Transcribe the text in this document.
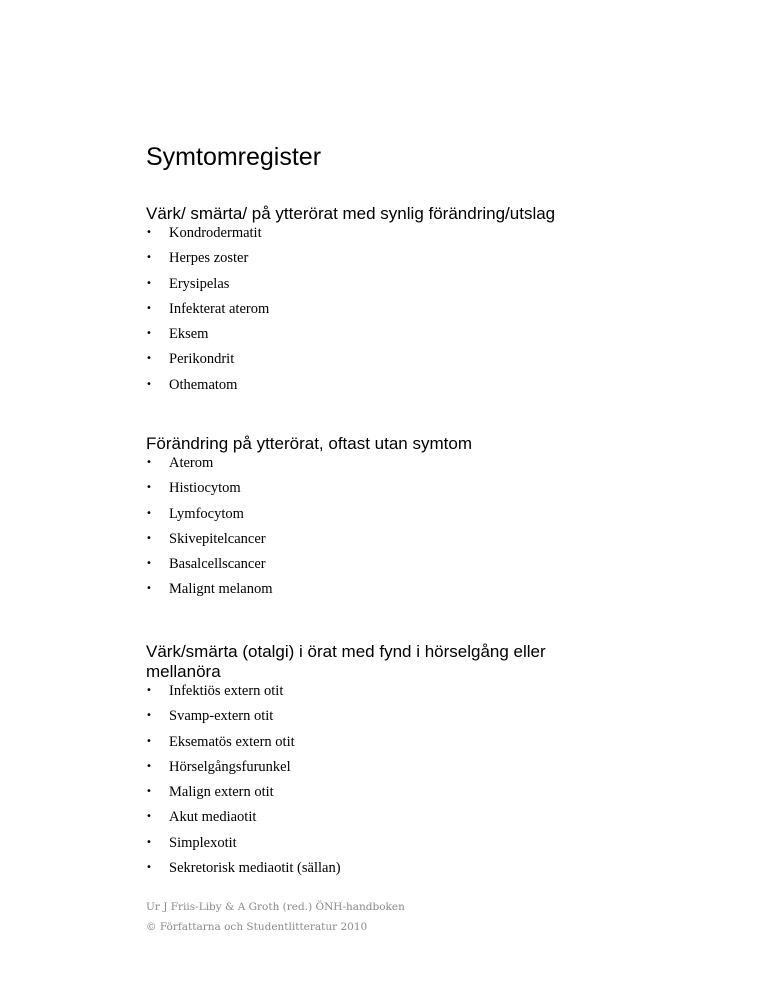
Symtomregister
Värk/ smärta/ på ytterörat med synlig förändring/utslag
• Kondrodermatit
• Herpes zoster
• Erysipelas
• Infekterat aterom
• Eksem
• Perikondrit
• Othematom
Förändring på ytterörat, oftast utan symtom
• Aterom
• Histiocytom
• Lymfocytom
• Skivepitelcancer
• Basalcellscancer
• Malignt melanom
Värk/smärta (otalgi) i örat med fynd i hörselgång eller mellanöra
• Infektiös extern otit
• Svamp-extern otit
• Eksematös extern otit
• Hörselgångsfurunkel
• Malign extern otit
• Akut mediaotit
• Simplexotit
• Sekretorisk mediaotit (sällan)
Ur J Friis-Liby & A Groth (red.) ÖNH-handboken
© Författarna och Studentlitteratur 2010
